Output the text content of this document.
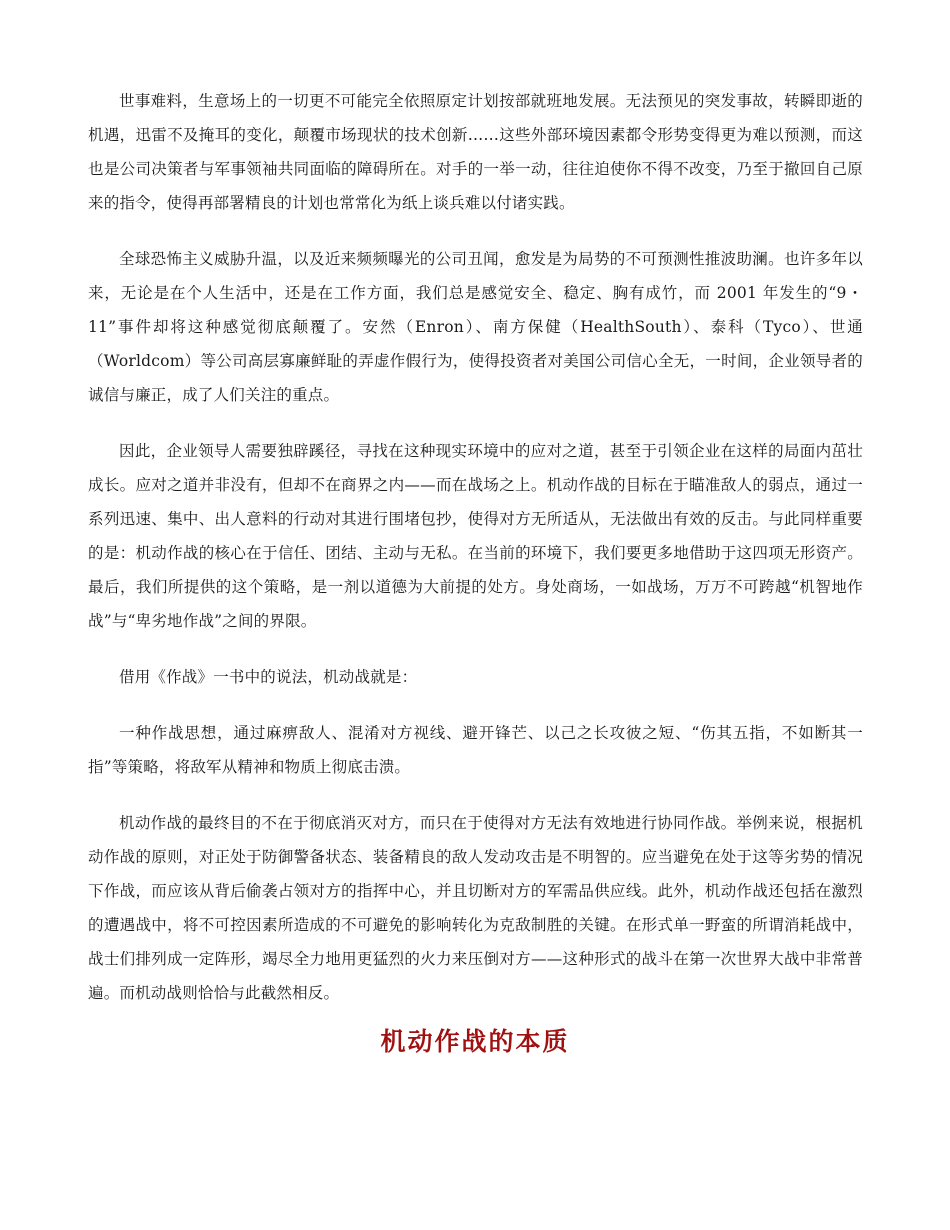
世事难料，生意场上的一切更不可能完全依照原定计划按部就班地发展。无法预见的突发事故，转瞬即逝的机遇，迅雷不及掩耳的变化，颠覆市场现状的技术创新……这些外部环境因素都令形势变得更为难以预测，而这也是公司决策者与军事领袖共同面临的障碍所在。对手的一举一动，往往迫使你不得不改变，乃至于撤回自己原来的指令，使得再部署精良的计划也常常化为纸上谈兵难以付诸实践。

全球恐怖主义威胁升温，以及近来频频曝光的公司丑闻，愈发是为局势的不可预测性推波助澜。也许多年以来，无论是在个人生活中，还是在工作方面，我们总是感觉安全、稳定、胸有成竹，而 2001 年发生的“9・11”事件却将这种感觉彻底颠覆了。安然（Enron）、南方保健（HealthSouth）、泰科（Tyco）、世通（Worldcom）等公司高层寡廉鲜耻的弄虚作假行为，使得投资者对美国公司信心全无，一时间，企业领导者的诚信与廉正，成了人们关注的重点。

因此，企业领导人需要独辟蹊径，寻找在这种现实环境中的应对之道，甚至于引领企业在这样的局面内茁壮成长。应对之道并非没有，但却不在商界之内——而在战场之上。机动作战的目标在于瞄准敌人的弱点，通过一系列迅速、集中、出人意料的行动对其进行围堵包抄，使得对方无所适从，无法做出有效的反击。与此同样重要的是：机动作战的核心在于信任、团结、主动与无私。在当前的环境下，我们要更多地借助于这四项无形资产。最后，我们所提供的这个策略，是一剂以道德为大前提的处方。身处商场，一如战场，万万不可跨越“机智地作战”与“卑劣地作战”之间的界限。

借用《作战》一书中的说法，机动战就是：

一种作战思想，通过麻痹敌人、混淆对方视线、避开锋芒、以己之长攻彼之短、“伤其五指，不如断其一指”等策略，将敌军从精神和物质上彻底击溃。

机动作战的最终目的不在于彻底消灭对方，而只在于使得对方无法有效地进行协同作战。举例来说，根据机动作战的原则，对正处于防御警备状态、装备精良的敌人发动攻击是不明智的。应当避免在处于这等劣势的情况下作战，而应该从背后偷袭占领对方的指挥中心，并且切断对方的军需品供应线。此外，机动作战还包括在激烈的遭遇战中，将不可控因素所造成的不可避免的影响转化为克敌制胜的关键。在形式单一野蛮的所谓消耗战中，战士们排列成一定阵形，竭尽全力地用更猛烈的火力来压倒对方——这种形式的战斗在第一次世界大战中非常普遍。而机动战则恰恰与此截然相反。

机动作战的本质
